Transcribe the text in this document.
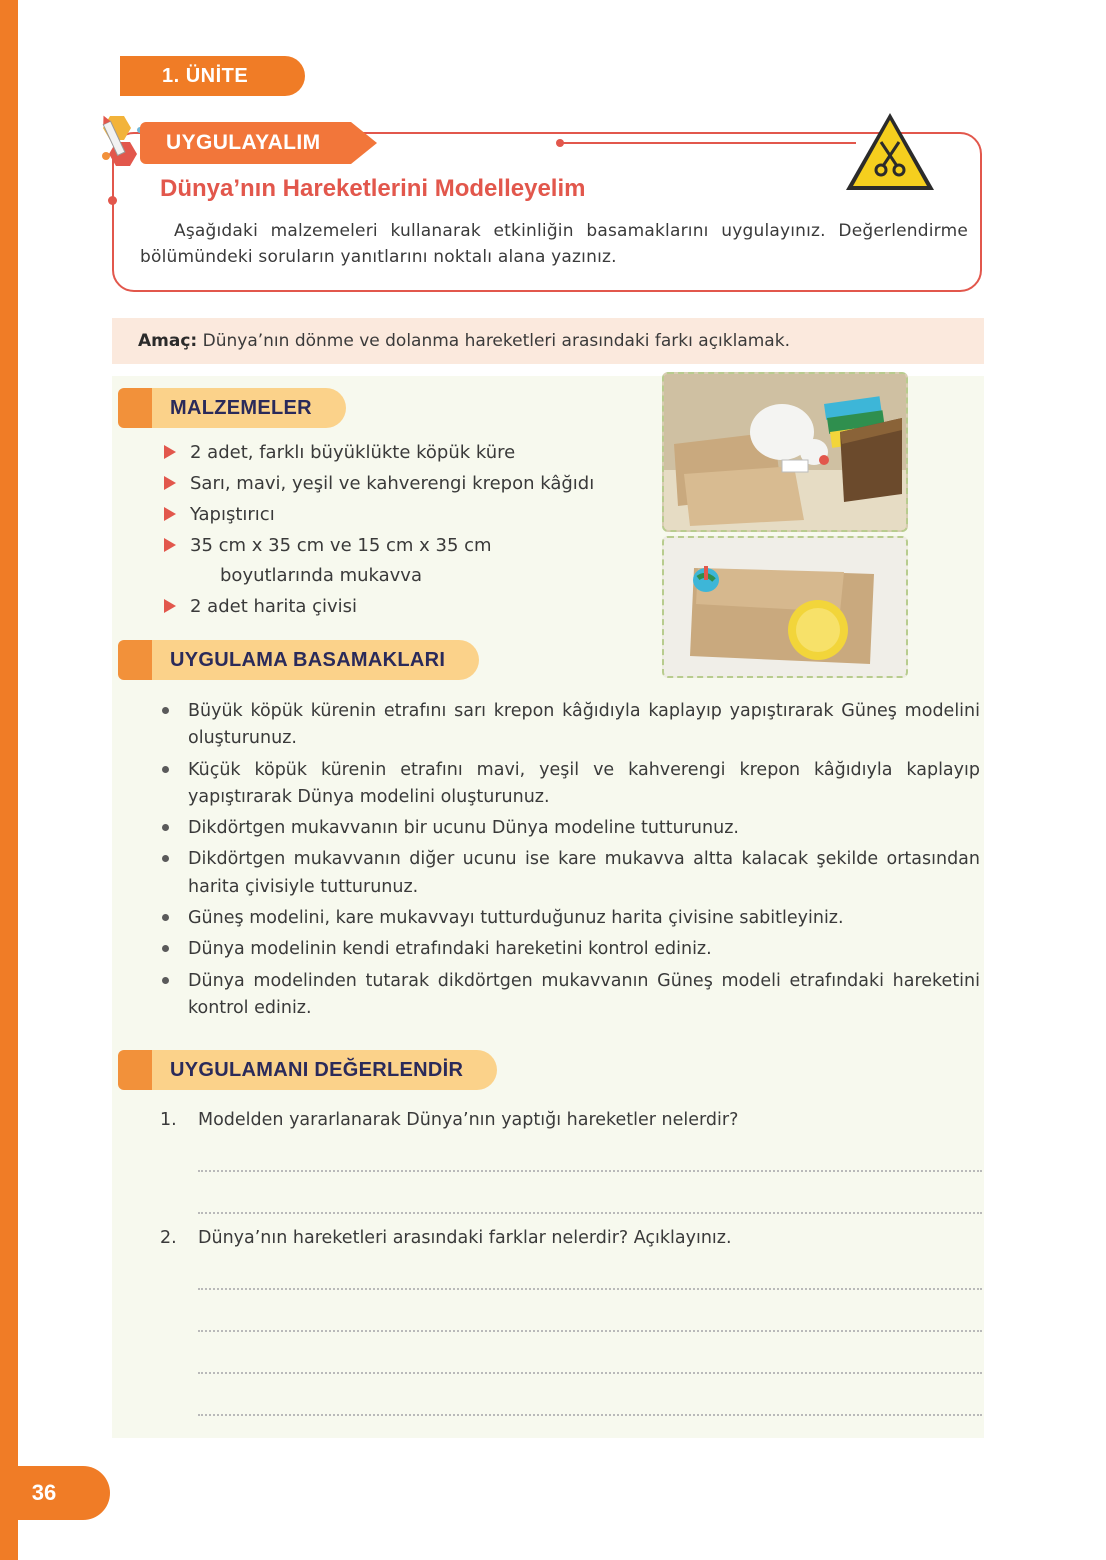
1. ÜNİTE
UYGULAYALIM
Dünya’nın Hareketlerini Modelleyelim
Aşağıdaki malzemeleri kullanarak etkinliğin basamaklarını uygulayınız. Değerlendirme bölümündeki soruların yanıtlarını noktalı alana yazınız.
Amaç:
Dünya’nın dönme ve dolanma hareketleri arasındaki farkı açıklamak.
MALZEMELER
2 adet, farklı büyüklükte köpük küre
Sarı, mavi, yeşil ve kahverengi krepon kâğıdı
Yapıştırıcı
35 cm x 35 cm ve 15 cm x 35 cm
boyutlarında mukavva
2 adet harita çivisi
UYGULAMA BASAMAKLARI
Büyük köpük kürenin etrafını sarı krepon kâğıdıyla kaplayıp yapıştırarak Güneş modelini oluşturunuz.
Küçük köpük kürenin etrafını mavi, yeşil ve kahverengi krepon kâğıdıyla kaplayıp yapıştırarak Dünya modelini oluşturunuz.
Dikdörtgen mukavvanın bir ucunu Dünya modeline tutturunuz.
Dikdörtgen mukavvanın diğer ucunu ise kare mukavva altta kalacak şekilde ortasından harita çivisiyle tutturunuz.
Güneş modelini, kare mukavvayı tutturduğunuz harita çivisine sabitleyiniz.
Dünya modelinin kendi etrafındaki hareketini kontrol ediniz.
Dünya modelinden tutarak dikdörtgen mukavvanın Güneş modeli etrafındaki hareketini kontrol ediniz.
UYGULAMANI DEĞERLENDİR
1.	Modelden yararlanarak Dünya’nın yaptığı hareketler nelerdir?
2.	Dünya’nın hareketleri arasındaki farklar nelerdir? Açıklayınız.
36
